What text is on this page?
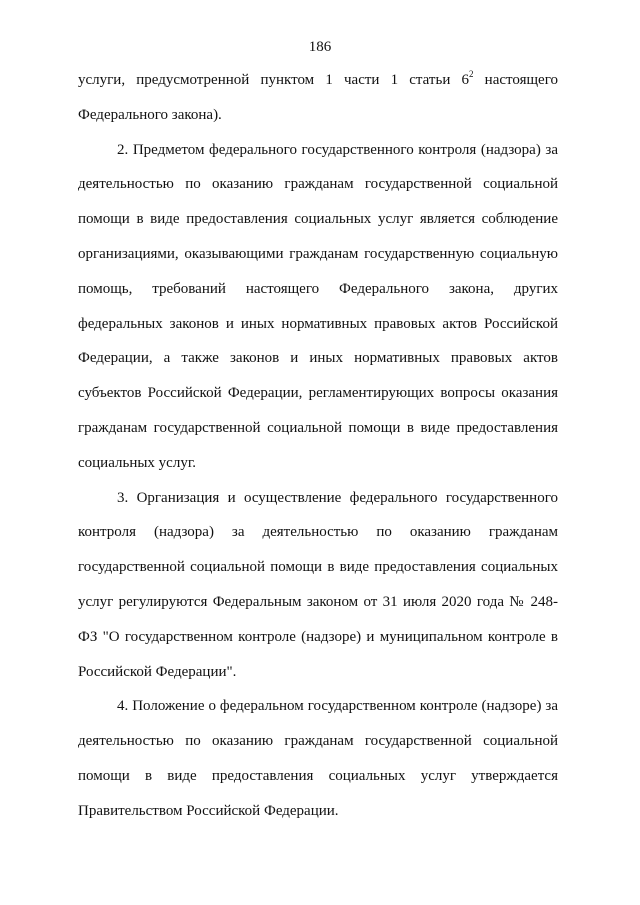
186

услуги, предусмотренной пунктом 1 части 1 статьи $6^2$ настоящего Федерального закона).

2. Предметом федерального государственного контроля (надзора) за деятельностью по оказанию гражданам государственной социальной помощи в виде предоставления социальных услуг является соблюдение организациями, оказывающими гражданам государственную социальную помощь, требований настоящего Федерального закона, других федеральных законов и иных нормативных правовых актов Российской Федерации, а также законов и иных нормативных правовых актов субъектов Российской Федерации, регламентирующих вопросы оказания гражданам государственной социальной помощи в виде предоставления социальных услуг.

3. Организация и осуществление федерального государственного контроля (надзора) за деятельностью по оказанию гражданам государственной социальной помощи в виде предоставления социальных услуг регулируются Федеральным законом от 31 июля 2020 года № 248-ФЗ "О государственном контроле (надзоре) и муниципальном контроле в Российской Федерации".

4. Положение о федеральном государственном контроле (надзоре) за деятельностью по оказанию гражданам государственной социальной помощи в виде предоставления социальных услуг утверждается Правительством Российской Федерации.
